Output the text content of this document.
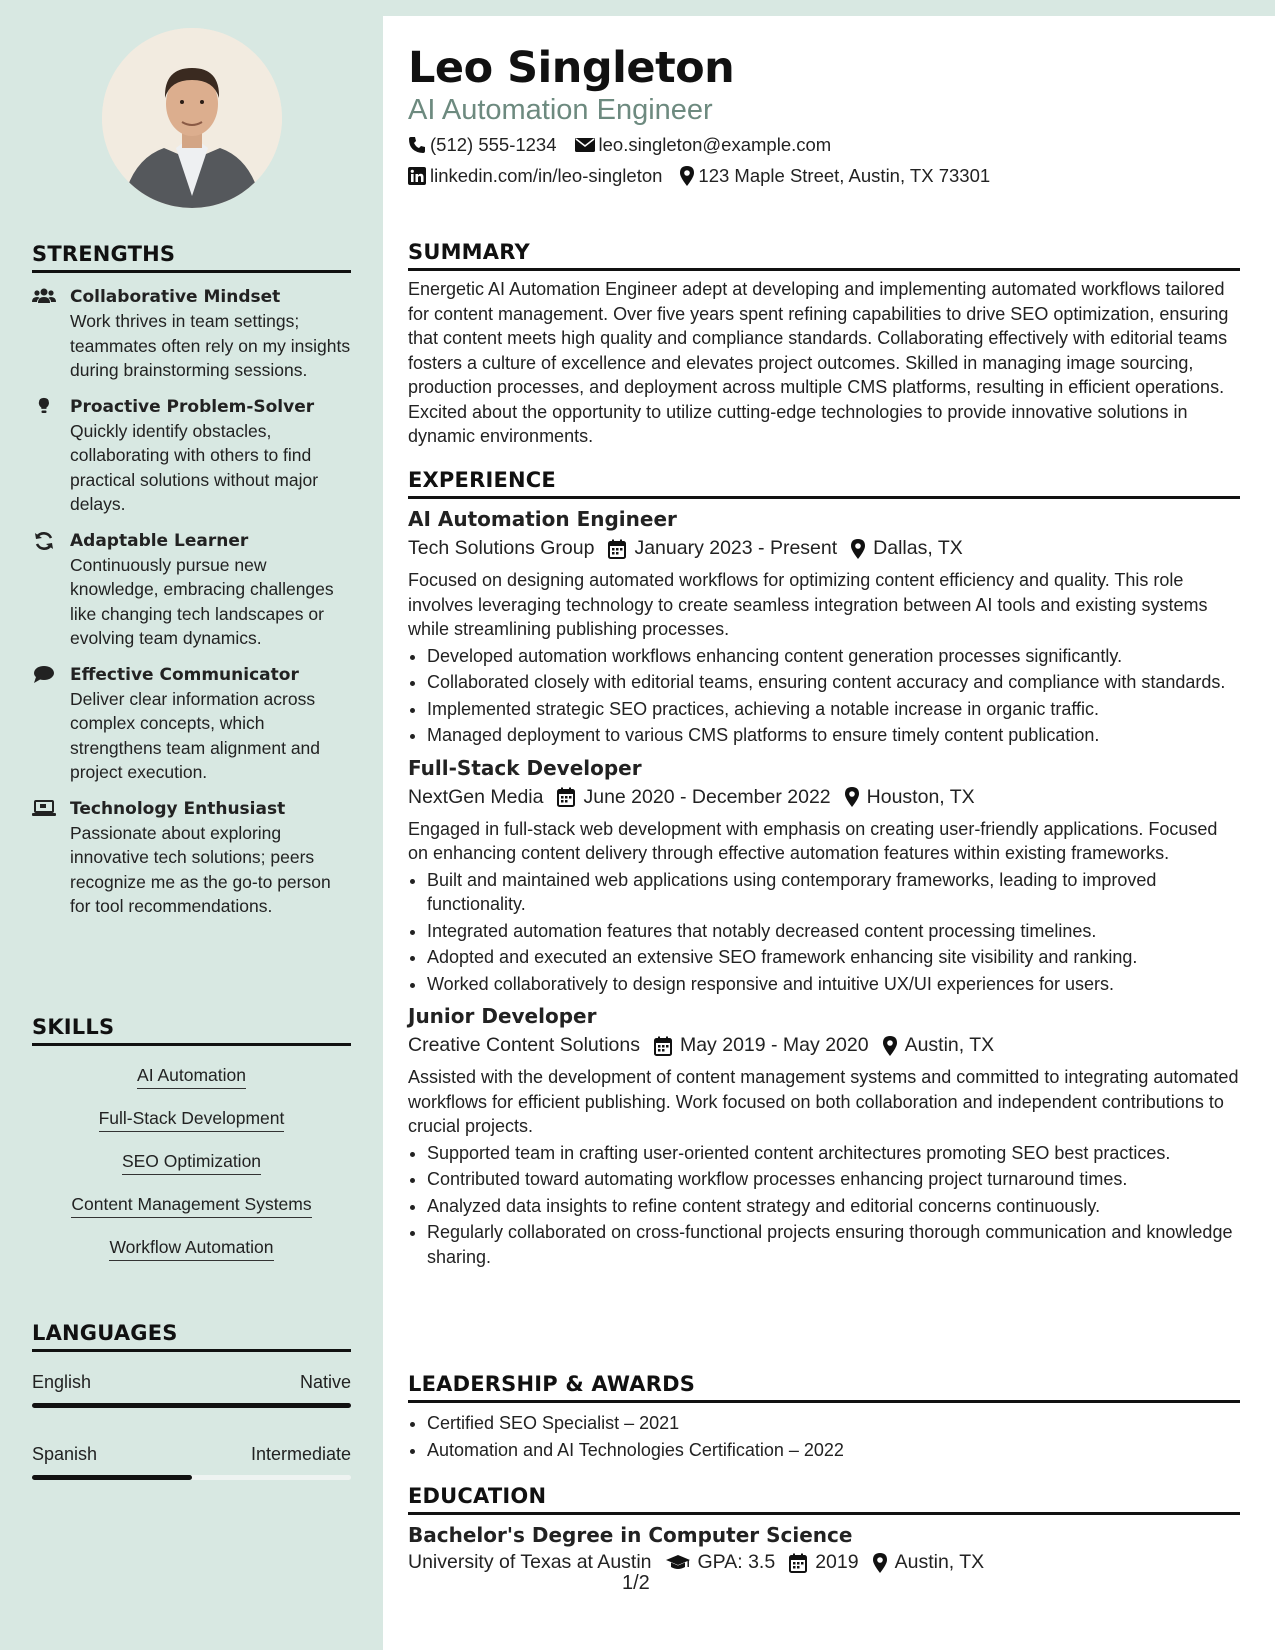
STRENGTHS
Collaborative Mindset
Work thrives in team settings; teammates often rely on my insights during brainstorming sessions.
Proactive Problem-Solver
Quickly identify obstacles, collaborating with others to find practical solutions without major delays.
Adaptable Learner
Continuously pursue new knowledge, embracing challenges like changing tech landscapes or evolving team dynamics.
Effective Communicator
Deliver clear information across complex concepts, which strengthens team alignment and project execution.
Technology Enthusiast
Passionate about exploring innovative tech solutions; peers recognize me as the go-to person for tool recommendations.
SKILLS
AI Automation
Full-Stack Development
SEO Optimization
Content Management Systems
Workflow Automation
LANGUAGES
English	Native
Spanish	Intermediate
Leo Singleton
AI Automation Engineer
(512) 555-1234 leo.singleton@example.com
linkedin.com/in/leo-singleton 123 Maple Street, Austin, TX 73301
SUMMARY
Energetic AI Automation Engineer adept at developing and implementing automated workflows tailored for content management. Over five years spent refining capabilities to drive SEO optimization, ensuring that content meets high quality and compliance standards. Collaborating effectively with editorial teams fosters a culture of excellence and elevates project outcomes. Skilled in managing image sourcing, production processes, and deployment across multiple CMS platforms, resulting in efficient operations. Excited about the opportunity to utilize cutting-edge technologies to provide innovative solutions in dynamic environments.
EXPERIENCE
AI Automation Engineer
Tech Solutions Group January 2023 - Present Dallas, TX
Focused on designing automated workflows for optimizing content efficiency and quality. This role involves leveraging technology to create seamless integration between AI tools and existing systems while streamlining publishing processes.
• Developed automation workflows enhancing content generation processes significantly.
• Collaborated closely with editorial teams, ensuring content accuracy and compliance with standards.
• Implemented strategic SEO practices, achieving a notable increase in organic traffic.
• Managed deployment to various CMS platforms to ensure timely content publication.
Full-Stack Developer
NextGen Media June 2020 - December 2022 Houston, TX
Engaged in full-stack web development with emphasis on creating user-friendly applications. Focused on enhancing content delivery through effective automation features within existing frameworks.
• Built and maintained web applications using contemporary frameworks, leading to improved functionality.
• Integrated automation features that notably decreased content processing timelines.
• Adopted and executed an extensive SEO framework enhancing site visibility and ranking.
• Worked collaboratively to design responsive and intuitive UX/UI experiences for users.
Junior Developer
Creative Content Solutions May 2019 - May 2020 Austin, TX
Assisted with the development of content management systems and committed to integrating automated workflows for efficient publishing. Work focused on both collaboration and independent contributions to crucial projects.
• Supported team in crafting user-oriented content architectures promoting SEO best practices.
• Contributed toward automating workflow processes enhancing project turnaround times.
• Analyzed data insights to refine content strategy and editorial concerns continuously.
• Regularly collaborated on cross-functional projects ensuring thorough communication and knowledge sharing.
LEADERSHIP & AWARDS
• Certified SEO Specialist – 2021
• Automation and AI Technologies Certification – 2022
EDUCATION
Bachelor's Degree in Computer Science
University of Texas at Austin GPA: 3.5 2019 Austin, TX
1/2
